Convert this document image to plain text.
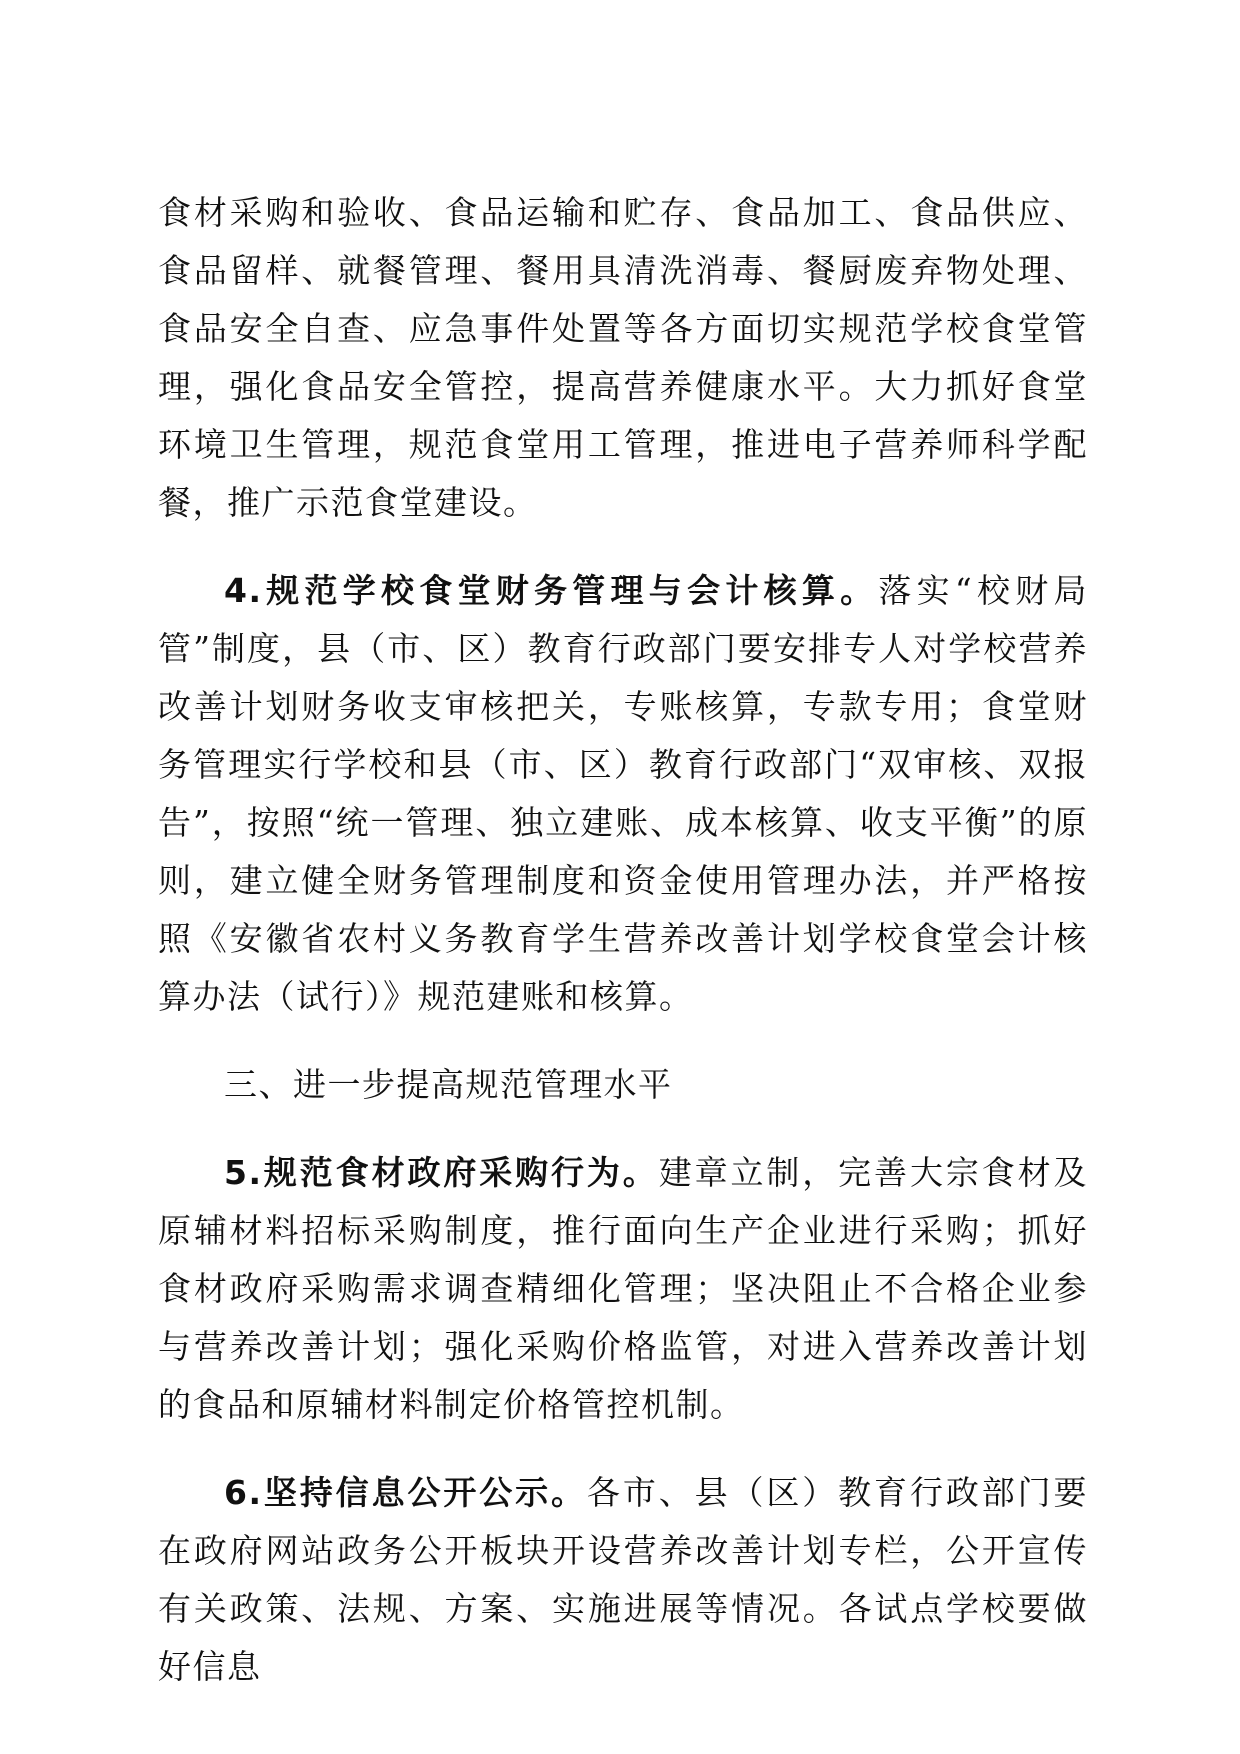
食材采购和验收、食品运输和贮存、食品加工、食品供应、食品留样、就餐管理、餐用具清洗消毒、餐厨废弃物处理、食品安全自查、应急事件处置等各方面切实规范学校食堂管理，强化食品安全管控，提高营养健康水平。大力抓好食堂环境卫生管理，规范食堂用工管理，推进电子营养师科学配餐，推广示范食堂建设。

4.规范学校食堂财务管理与会计核算。落实“校财局管”制度，县（市、区）教育行政部门要安排专人对学校营养改善计划财务收支审核把关，专账核算，专款专用；食堂财务管理实行学校和县（市、区）教育行政部门“双审核、双报告”，按照“统一管理、独立建账、成本核算、收支平衡”的原则，建立健全财务管理制度和资金使用管理办法，并严格按照《安徽省农村义务教育学生营养改善计划学校食堂会计核算办法（试行）》规范建账和核算。

三、进一步提高规范管理水平

5.规范食材政府采购行为。建章立制，完善大宗食材及原辅材料招标采购制度，推行面向生产企业进行采购；抓好食材政府采购需求调查精细化管理；坚决阻止不合格企业参与营养改善计划；强化采购价格监管，对进入营养改善计划的食品和原辅材料制定价格管控机制。

6.坚持信息公开公示。各市、县（区）教育行政部门要在政府网站政务公开板块开设营养改善计划专栏，公开宣传有关政策、法规、方案、实施进展等情况。各试点学校要做好信息
